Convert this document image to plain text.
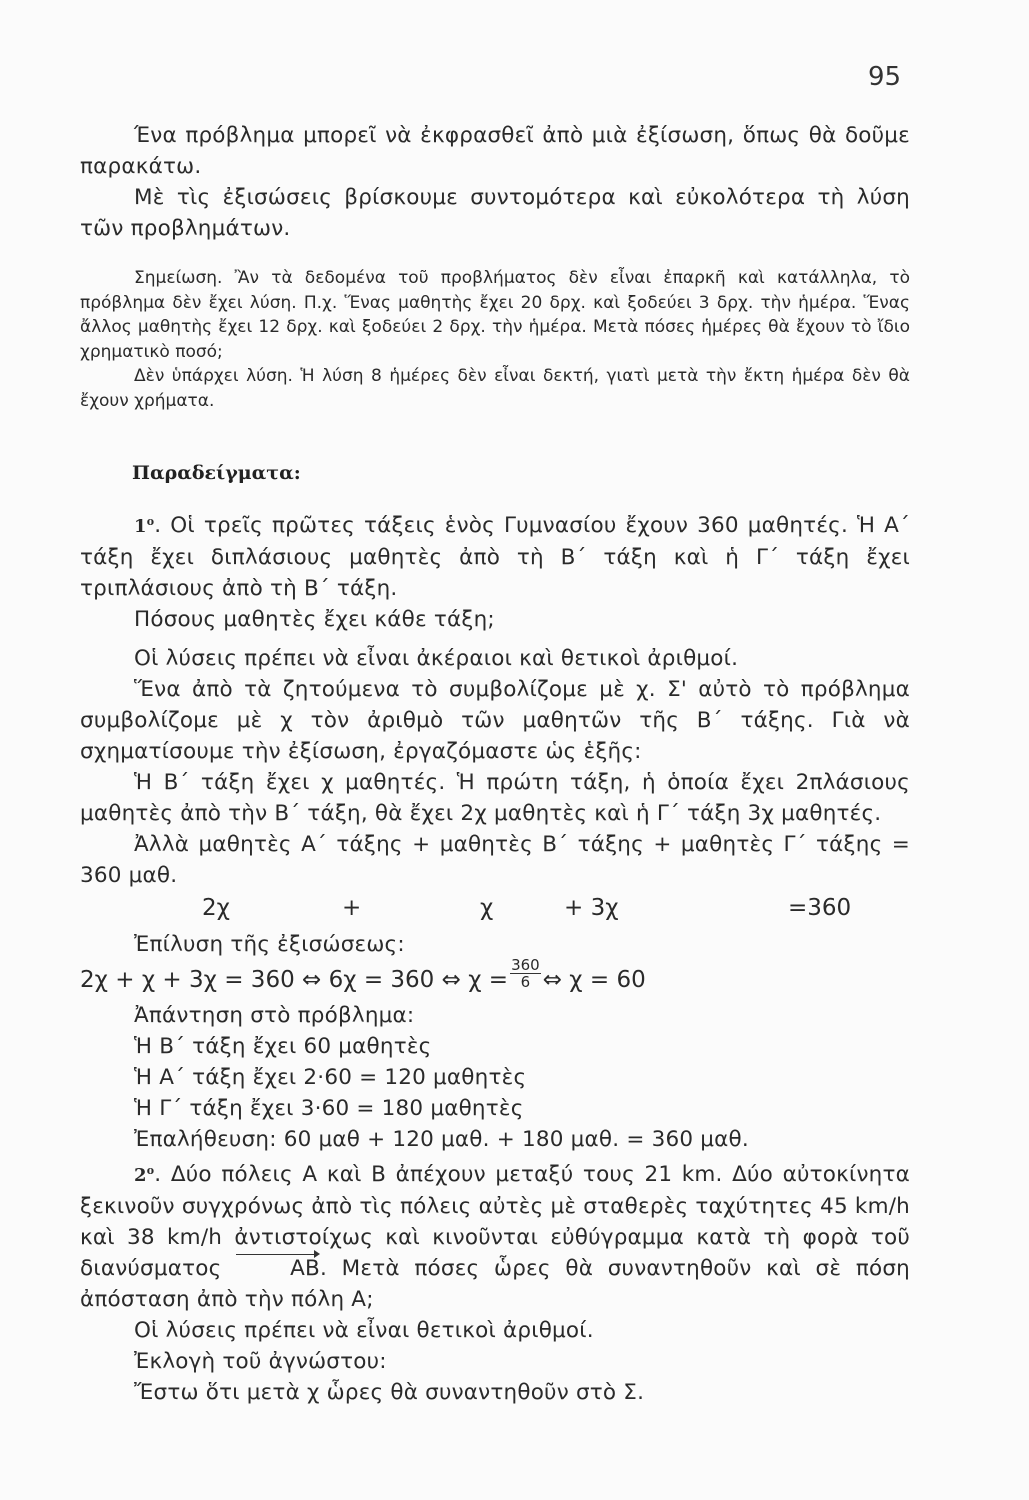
95

Ένα πρόβλημα μπορεῖ νὰ ἐκφρασθεῖ ἀπὸ μιὰ ἐξίσωση, ὅπως θὰ δοῦμε παρακάτω.

Μὲ τὶς ἐξισώσεις βρίσκουμε συντομότερα καὶ εὐκολότερα τὴ λύση τῶν προβλημάτων.

Σημείωση. Ἂν τὰ δεδομένα τοῦ προβλήματος δὲν εἶναι ἐπαρκῆ καὶ κατάλληλα, τὸ πρόβλημα δὲν ἔχει λύση. Π.χ. Ἕνας μαθητὴς ἔχει 20 δρχ. καὶ ξοδεύει 3 δρχ. τὴν ἡμέρα. Ἕνας ἄλλος μαθητὴς ἔχει 12 δρχ. καὶ ξοδεύει 2 δρχ. τὴν ἡμέρα. Μετὰ πόσες ἡμέρες θὰ ἔχουν τὸ ἴδιο χρηματικὸ ποσό;

Δὲν ὑπάρχει λύση. Ἡ λύση 8 ἡμέρες δὲν εἶναι δεκτή, γιατὶ μετὰ τὴν ἔκτη ἡμέρα δὲν θὰ ἔχουν χρήματα.

Παραδείγματα:

$1^o$. Οἱ τρεῖς πρῶτες τάξεις ἑνὸς Γυμνασίου ἔχουν 360 μαθητές. Ἡ Α΄ τάξη ἔχει διπλάσιους μαθητὲς ἀπὸ τὴ Β΄ τάξη καὶ ἡ Γ΄ τάξη ἔχει τριπλάσιους ἀπὸ τὴ Β΄ τάξη.

Πόσους μαθητὲς ἔχει κάθε τάξη;

Οἱ λύσεις πρέπει νὰ εἶναι ἀκέραιοι καὶ θετικοὶ ἀριθμοί.

Ἕνα ἀπὸ τὰ ζητούμενα τὸ συμβολίζομε μὲ χ. Σ' αὐτὸ τὸ πρόβλημα συμβολίζομε μὲ χ τὸν ἀριθμὸ τῶν μαθητῶν τῆς Β΄ τάξης. Γιὰ νὰ σχηματίσουμε τὴν ἐξίσωση, ἐργαζόμαστε ὡς ἑξῆς:

Ἡ Β΄ τάξη ἔχει χ μαθητές. Ἡ πρώτη τάξη, ἡ ὁποία ἔχει 2πλάσιους μαθητὲς ἀπὸ τὴν Β΄ τάξη, θὰ ἔχει 2χ μαθητὲς καὶ ἡ Γ΄ τάξη 3χ μαθητές.

Ἀλλὰ μαθητὲς Α΄ τάξης + μαθητὲς Β΄ τάξης + μαθητὲς Γ΄ τάξης = 360 μαθ.

2χ	+	χ	+ 3χ	=360

Ἐπίλυση τῆς ἐξισώσεως:

2χ + χ + 3χ = 360 ⇔ 6χ = 360 ⇔ $\chi = \frac{360}{6}$ ⇔ χ = 60

Ἀπάντηση στὸ πρόβλημα:

Ἡ Β΄ τάξη ἔχει 60 μαθητὲς

Ἡ Α΄ τάξη ἔχει 2·60 = 120 μαθητὲς

Ἡ Γ΄ τάξη ἔχει 3·60 = 180 μαθητὲς

Ἐπαλήθευση: 60 μαθ + 120 μαθ. + 180 μαθ. = 360 μαθ.

$2^o$. Δύο πόλεις Α καὶ Β ἀπέχουν μεταξύ τους 21 km. Δύο αὐτοκίνητα ξεκινοῦν συγχρόνως ἀπὸ τὶς πόλεις αὐτὲς μὲ σταθερὲς ταχύτητες 45 km/h καὶ 38 km/h ἀντιστοίχως καὶ κινοῦνται εὐθύγραμμα κατὰ τὴ φορὰ τοῦ διανύσματος	ΑΒ. Μετὰ πόσες ὧρες θὰ συναντηθοῦν καὶ σὲ πόση ἀπόσταση ἀπὸ τὴν πόλη Α;

Οἱ λύσεις πρέπει νὰ εἶναι θετικοὶ ἀριθμοί.

Ἐκλογὴ τοῦ ἀγνώστου:

Ἔστω ὅτι μετὰ χ ὧρες θὰ συναντηθοῦν στὸ Σ.
